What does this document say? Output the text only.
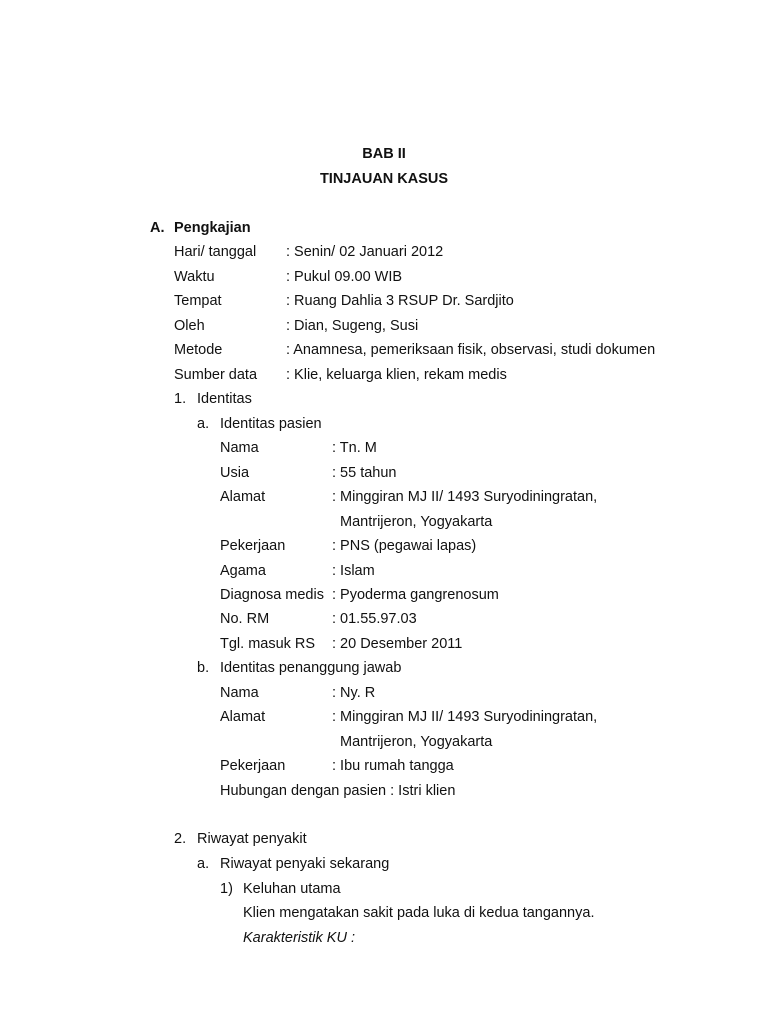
BAB II
TINJAUAN KASUS
A. Pengkajian
Hari/ tanggal : Senin/ 02 Januari 2012
Waktu	: Pukul 09.00 WIB
Tempat	: Ruang Dahlia 3 RSUP Dr. Sardjito
Oleh	: Dian, Sugeng, Susi
Metode	: Anamnesa, pemeriksaan fisik, observasi, studi dokumen
Sumber data : Klie, keluarga klien, rekam medis
1. Identitas
a. Identitas pasien
Nama	: Tn. M
Usia	: 55 tahun
Alamat	: Minggiran MJ II/ 1493 Suryodiningratan,
Mantrijeron, Yogyakarta
Pekerjaan	: PNS (pegawai lapas)
Agama	: Islam
Diagnosa medis : Pyoderma gangrenosum
No. RM	: 01.55.97.03
Tgl. masuk RS : 20 Desember 2011
b. Identitas penanggung jawab
Nama	: Ny. R
Alamat	: Minggiran MJ II/ 1493 Suryodiningratan,
Mantrijeron, Yogyakarta
Pekerjaan	: Ibu rumah tangga
Hubungan dengan pasien : Istri klien
2. Riwayat penyakit
a. Riwayat penyaki sekarang
1) Keluhan utama
Klien mengatakan sakit pada luka di kedua tangannya.
Karakteristik KU :
